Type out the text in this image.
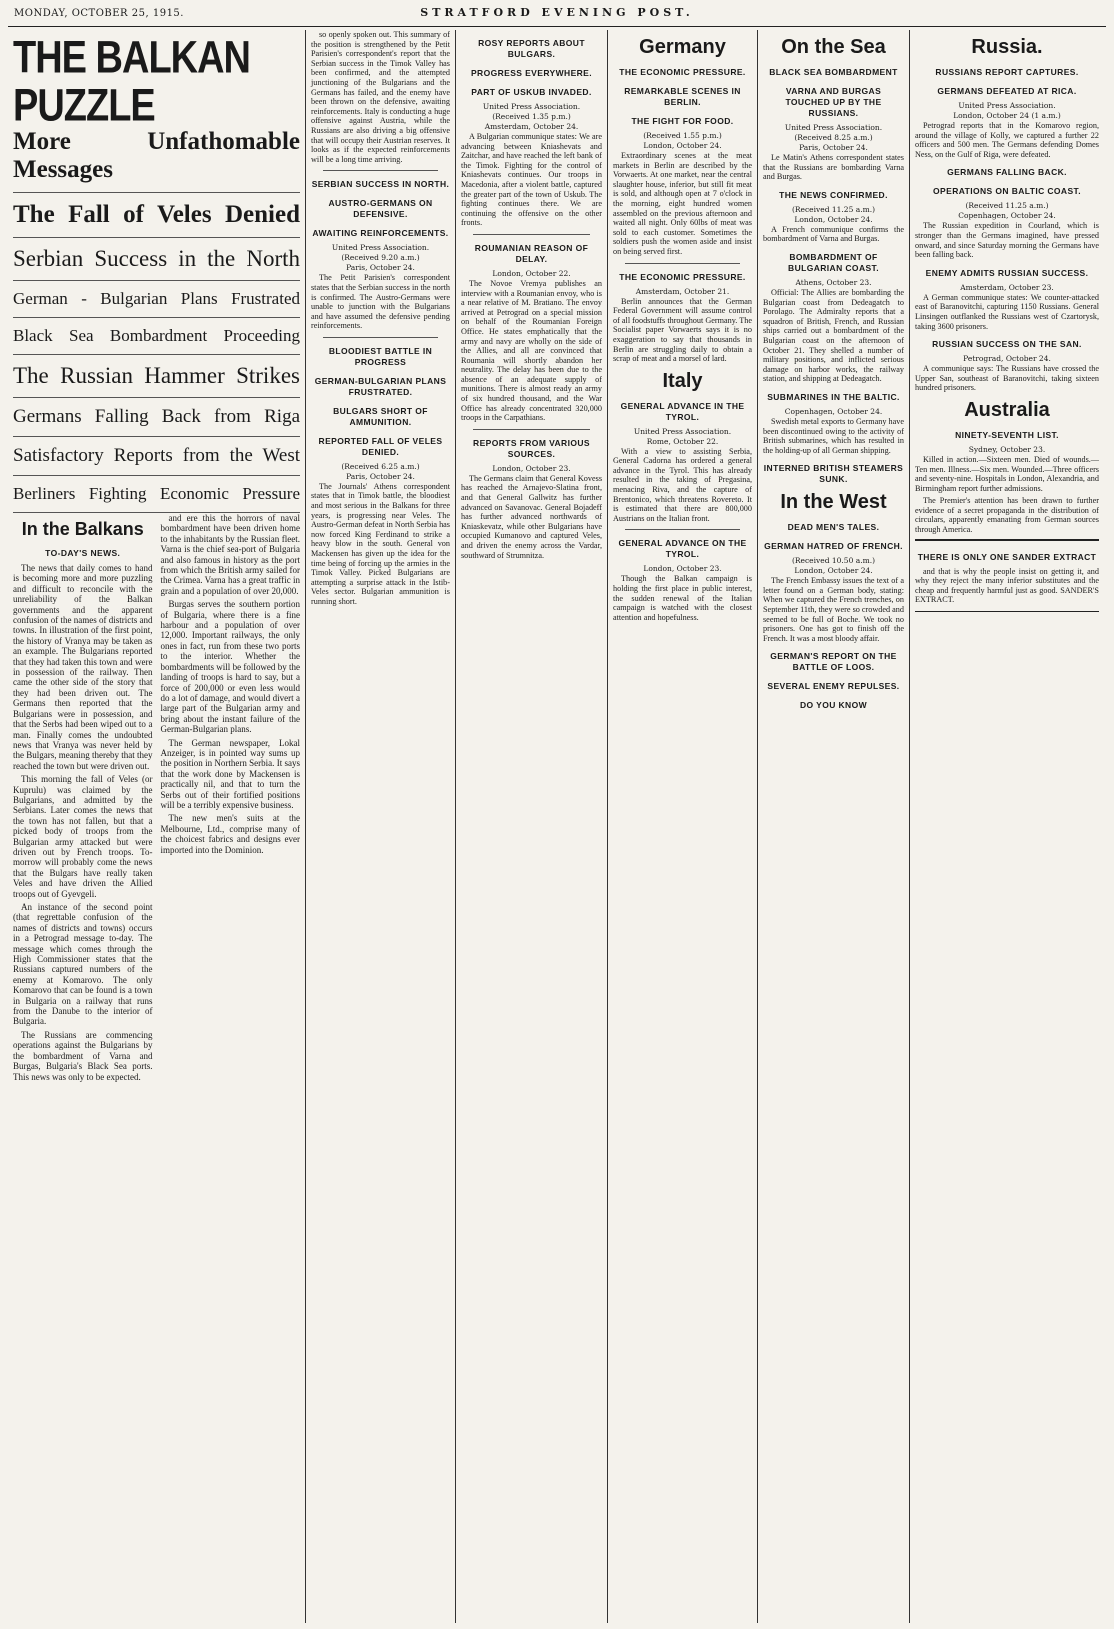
MONDAY, OCTOBER 25, 1915.	STRATFORD EVENING POST.
THE BALKAN PUZZLE
More Unfathomable Messages
The Fall of Veles Denied
Serbian Success in the North
German - Bulgarian Plans Frustrated
Black Sea Bombardment Proceeding
The Russian Hammer Strikes
Germans Falling Back from Riga
Satisfactory Reports from the West
Berliners Fighting Economic Pressure
In the Balkans
TO-DAY'S NEWS.

The news that daily comes to hand is becoming more and more puzzling and difficult to reconcile with the unreliability of the Balkan governments and the apparent confusion of the names of districts and towns. In illustration of the first point, the history of Vranya may be taken as an example. The Bulgarians reported that they had taken this town and were in possession of the railway. Then came the other side of the story that they had been driven out. The Germans then reported that the Bulgarians were in possession, and that the Serbs had been wiped out to a man. Finally comes the undoubted news that Vranya was never held by the Bulgars, meaning thereby that they reached the town but were driven out.

This morning the fall of Veles (or Kuprulu) was claimed by the Bulgarians, and admitted by the Serbians. Later comes the news that the town has not fallen, but that a picked body of troops from the Bulgarian army attacked but were driven out by French troops. To-morrow will probably come the news that the Bulgars have really taken Veles and have driven the Allied troops out of Gyevgeli.

An instance of the second point (that regrettable confusion of the names of districts and towns) occurs in a Petrograd message to-day. The message which comes through the High Commissioner states that the Russians captured numbers of the enemy at Komarovo. The only Komarovo that can be found is a town in Bulgaria on a railway that runs from the Danube to the interior of Bulgaria.

The Russians are commencing operations against the Bulgarians by the bombardment of Varna and Burgas, Bulgaria's Black Sea ports. This news was only to be expected.

and ere this the horrors of naval bombardment have been driven home to the inhabitants by the Russian fleet. Varna is the chief sea-port of Bulgaria and also famous in history as the port from which the British army sailed for the Crimea. Varna has a great traffic in grain and a population of over 20,000.

Burgas serves the southern portion of Bulgaria, where there is a fine harbour and a population of over 12,000. Important railways, the only ones in fact, run from these two ports to the interior. Whether the bombardments will be followed by the landing of troops is hard to say, but a force of 200,000 or even less would do a lot of damage, and would divert a large part of the Bulgarian army and bring about the instant failure of the German-Bulgarian plans.

The German newspaper, Lokal Anzeiger, is in pointed way sums up the position in Northern Serbia. It says that the work done by Mackensen is practically nil, and that to turn the Serbs out of their fortified positions will be a terribly expensive business.

The new men's suits at the Melbourne, Ltd., comprise many of the choicest fabrics and designs ever imported into the Dominion.

so openly spoken out. This summary of the position is strengthened by the Petit Parisien's correspondent's report that the Serbian success in the Timok Valley has been confirmed, and the attempted junctioning of the Bulgarians and the Germans has failed, and the enemy have been thrown on the defensive, awaiting reinforcements. Italy is conducting a huge offensive against Austria, while the Russians are also driving a big offensive that will occupy their Austrian reserves. It looks as if the expected reinforcements will be a long time arriving.

SERBIAN SUCCESS IN NORTH.
AUSTRO-GERMANS ON DEFENSIVE.
AWAITING REINFORCEMENTS.
United Press Association.
(Received 9.20 a.m.)
Paris, October 24.

The Petit Parisien's correspondent states that the Serbian success in the north is confirmed. The Austro-Germans were unable to junction with the Bulgarians and have assumed the defensive pending reinforcements.

BLOODIEST BATTLE IN PROGRESS
GERMAN-BULGARIAN PLANS FRUSTRATED.
BULGARS SHORT OF AMMUNITION.
REPORTED FALL OF VELES DENIED.
(Received 6.25 a.m.)
Paris, October 24.

The Journals' Athens correspondent states that in Timok battle, the bloodiest and most serious in the Balkans for three years, is progressing near Veles. The Austro-German defeat in North Serbia has now forced King Ferdinand to strike a heavy blow in the south. General von Mackensen has given up the idea for the time being of forcing up the armies in the Timok Valley. Picked Bulgarians are attempting a surprise attack in the Istib-Veles sector. Bulgarian ammunition is running short.

ROSY REPORTS ABOUT BULGARS.
PROGRESS EVERYWHERE.
PART OF USKUB INVADED.
United Press Association.
(Received 1.35 p.m.)
Amsterdam, October 24.

A Bulgarian communique states: We are advancing between Kniashevats and Zaitchar, and have reached the left bank of the Timok. Fighting for the control of Kniashevats continues. Our troops in Macedonia, after a violent battle, captured the greater part of the town of Uskub. The fighting continues there. We are continuing the offensive on the other fronts.

ROUMANIAN REASON OF DELAY.
London, October 22.

The Novoe Vremya publishes an interview with a Roumanian envoy, who is a near relative of M. Bratiano. The envoy arrived at Petrograd on a special mission on behalf of the Roumanian Foreign Office. He states emphatically that the army and navy are wholly on the side of the Allies, and all are convinced that Roumania will shortly abandon her neutrality. The delay has been due to the absence of an adequate supply of munitions. There is almost ready an army of six hundred thousand, and the War Office has already concentrated 320,000 troops in the Carpathians.

REPORTS FROM VARIOUS SOURCES.
London, October 23.

The Germans claim that General Kovess has reached the Arnajevo-Slatina front, and that General Gallwitz has further advanced on Savanovac. General Bojadeff has further advanced northwards of Kniaskevatz, while other Bulgarians have occupied Kumanovo and captured Veles, and driven the enemy across the Vardar, southward of Strumnitza.

Germany
THE ECONOMIC PRESSURE.
REMARKABLE SCENES IN BERLIN.
THE FIGHT FOR FOOD.
(Received 1.55 p.m.)
London, October 24.

Extraordinary scenes at the meat markets in Berlin are described by the Vorwaerts. At one market, near the central slaughter house, inferior, but still fit meat is sold, and although open at 7 o'clock in the morning, eight hundred women assembled on the previous afternoon and waited all night. Only 60lbs of meat was sold to each customer. Sometimes the soldiers push the women aside and insist on being served first.

THE ECONOMIC PRESSURE.
Amsterdam, October 21.

Berlin announces that the German Federal Government will assume control of all foodstuffs throughout Germany. The Socialist paper Vorwaerts says it is no exaggeration to say that thousands in Berlin are struggling daily to obtain a scrap of meat and a morsel of lard.

Italy
GENERAL ADVANCE IN THE TYROL.
United Press Association.
Rome, October 22.

With a view to assisting Serbia, General Cadorna has ordered a general advance in the Tyrol. This has already resulted in the taking of Pregasina, menacing Riva, and the capture of Brentonico, which threatens Rovereto. It is estimated that there are 800,000 Austrians on the Italian front.

GENERAL ADVANCE ON THE TYROL.
London, October 23.

Though the Balkan campaign is holding the first place in public interest, the sudden renewal of the Italian campaign is watched with the closest attention and hopefulness.

On the Sea
BLACK SEA BOMBARDMENT
VARNA AND BURGAS TOUCHED UP BY THE RUSSIANS.
United Press Association.
(Received 8.25 a.m.)
Paris, October 24.

Le Matin's Athens correspondent states that the Russians are bombarding Varna and Burgas.

THE NEWS CONFIRMED.
(Received 11.25 a.m.)
London, October 24.

A French communique confirms the bombardment of Varna and Burgas.

BOMBARDMENT OF BULGARIAN COAST.
Athens, October 23.

Official: The Allies are bombarding the Bulgarian coast from Dedeagatch to Porolago. The Admiralty reports that a squadron of British, French, and Russian ships carried out a bombardment of the Bulgarian coast on the afternoon of October 21. They shelled a number of military positions, and inflicted serious damage on harbor works, the railway station, and shipping at Dedeagatch.

SUBMARINES IN THE BALTIC.
Copenhagen, October 24.

Swedish metal exports to Germany have been discontinued owing to the activity of British submarines, which has resulted in the holding-up of all German shipping.

INTERNED BRITISH STEAMERS SUNK.
In the West
DEAD MEN'S TALES.
GERMAN HATRED OF FRENCH.
(Received 10.50 a.m.)
London, October 24.

The French Embassy issues the text of a letter found on a German body, stating: When we captured the French trenches, on September 11th, they were so crowded and seemed to be full of Boche. We took no prisoners. One has got to finish off the French. It was a most bloody affair.

GERMAN'S REPORT ON THE BATTLE OF LOOS.
SEVERAL ENEMY REPULSES.
DO YOU KNOW
Russia.
RUSSIANS REPORT CAPTURES.
GERMANS DEFEATED AT RICA.
United Press Association.
London, October 24 (1 a.m.)

Petrograd reports that in the Komarovo region, around the village of Kolly, we captured a further 22 officers and 500 men. The Germans defending Domes Ness, on the Gulf of Riga, were defeated.

GERMANS FALLING BACK.
OPERATIONS ON BALTIC COAST.
(Received 11.25 a.m.)
Copenhagen, October 24.

The Russian expedition in Courland, which is stronger than the Germans imagined, have pressed onward, and since Saturday morning the Germans have been falling back.

ENEMY ADMITS RUSSIAN SUCCESS.
Amsterdam, October 23.

A German communique states: We counter-attacked east of Baranovitchi, capturing 1150 Russians. General Linsingen outflanked the Russians west of Czartorysk, taking 3600 prisoners.

RUSSIAN SUCCESS ON THE SAN.
Petrograd, October 24.

A communique says: The Russians have crossed the Upper San, southeast of Baranovitchi, taking sixteen hundred prisoners.

Australia
NINETY-SEVENTH LIST.
Sydney, October 23.

Killed in action.—Sixteen men. Died of wounds.—Ten men. Illness.—Six men. Wounded.—Three officers and seventy-nine. Hospitals in London, Alexandria, and Birmingham report further admissions.

The Premier's attention has been drawn to further evidence of a secret propaganda in the distribution of circulars, apparently emanating from German sources through America.

THERE IS ONLY ONE SANDER EXTRACT

and that is why the people insist on getting it, and why they reject the many inferior substitutes and the cheap and frequently harmful just as good. SANDER'S EXTRACT.
